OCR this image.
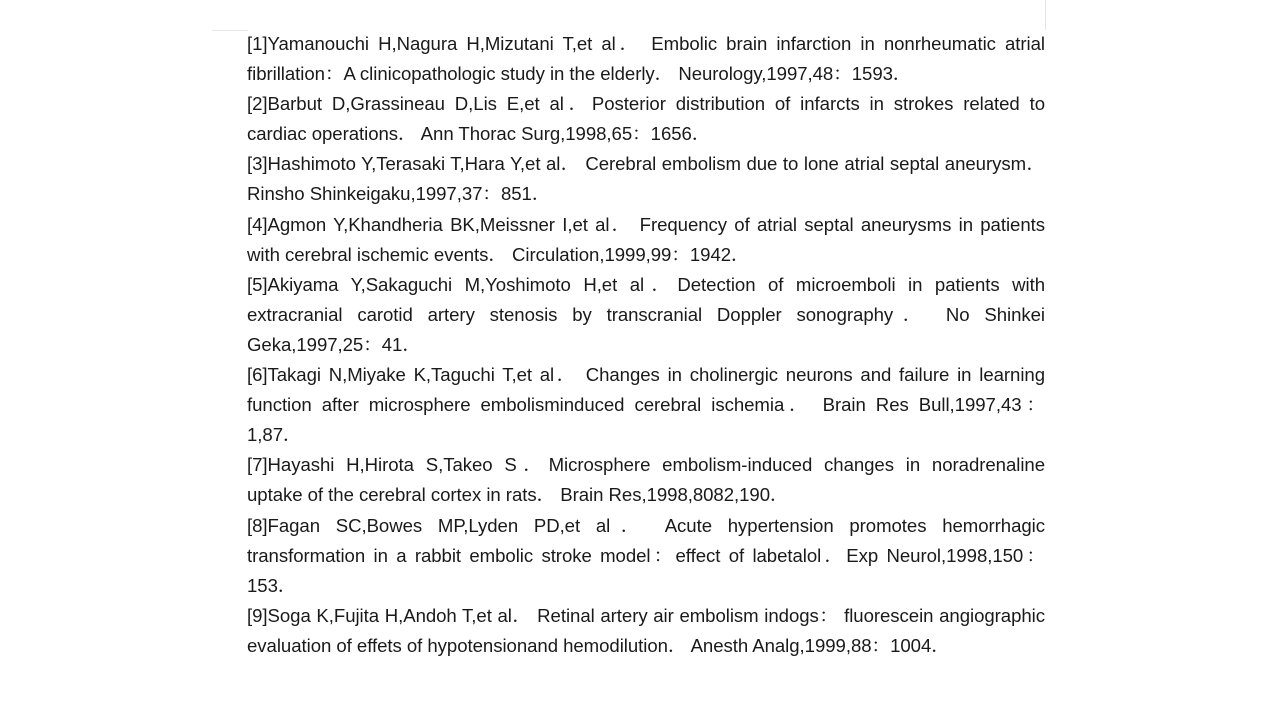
[1]Yamanouchi H,Nagura H,Mizutani T,et al． Embolic brain infarction in nonrheumatic atrial fibrillation：A clinicopathologic study in the elderly． Neurology,1997,48：1593．
[2]Barbut D,Grassineau D,Lis E,et al．Posterior distribution of infarcts in strokes related to cardiac operations． Ann Thorac Surg,1998,65：1656．
[3]Hashimoto Y,Terasaki T,Hara Y,et al． Cerebral embolism due to lone atrial septal aneurysm． Rinsho Shinkeigaku,1997,37：851．
[4]Agmon Y,Khandheria BK,Meissner I,et al． Frequency of atrial septal aneurysms in patients with cerebral ischemic events． Circulation,1999,99：1942．
[5]Akiyama Y,Sakaguchi M,Yoshimoto H,et al．Detection of microemboli in patients with extracranial carotid artery stenosis by transcranial Doppler sonography． No Shinkei Geka,1997,25：41．
[6]Takagi N,Miyake K,Taguchi T,et al． Changes in cholinergic neurons and failure in learning function after microsphere embolisminduced cerebral ischemia． Brain Res Bull,1997,43：1,87．
[7]Hayashi H,Hirota S,Takeo S．Microsphere embolism-induced changes in noradrenaline uptake of the cerebral cortex in rats． Brain Res,1998,8082,190．
[8]Fagan SC,Bowes MP,Lyden PD,et al． Acute hypertension promotes hemorrhagic transformation in a rabbit embolic stroke model：effect of labetalol．Exp Neurol,1998,150：153．
[9]Soga K,Fujita H,Andoh T,et al． Retinal artery air embolism indogs： fluorescein angiographic evaluation of effets of hypotensionand hemodilution． Anesth Analg,1999,88：1004．
